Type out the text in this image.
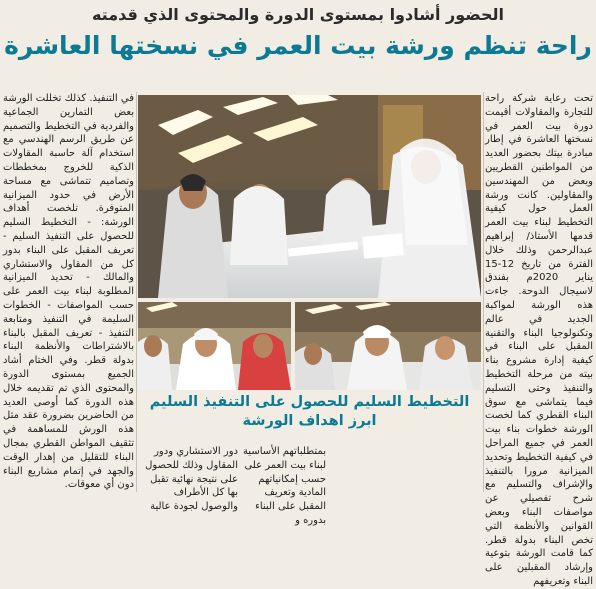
الحضور أشادوا بمستوى الدورة والمحتوى الذي قدمته
راحة تنظم ورشة بيت العمر في نسختها العاشرة

تحت رعاية شركة راحة للتجارة والمقاولات أقيمت دورة بيت العمر في نسختها العاشرة في إطار مبادرة بيتك بحضور العديد من المواطنين القطريين وبعض من المهندسين والمقاولين. كانت ورشة العمل حول كيفية التخطيط لبناء بيت العمر قدمها الأستاذ/ إبراهيم عبدالرحمن وذلك خلال الفترة من تاريخ 12-15 يناير 2020م بفندق لاسيجال الدوحة. جاءت هذه الورشة لمواكبة الجديد في عالم وتكنولوجيا البناء والتقنية المقبل على البناء في كيفية إدارة مشروع بناء بيته من مرحلة التخطيط والتنفيذ وحتى التسليم فيما يتماشى مع سوق البناء القطري كما لخصت الورشة خطوات بناء بيت العمر في جميع المراحل في كيفية التخطيط وتحديد الميزانية مرورا بالتنفيذ والإشراف والتسليم مع شرح تفصيلي عن مواصفات البناء وبعض القوانين والأنظمة التي تخص البناء بدولة قطر. كما قامت الورشة بتوعية وإرشاد المقبلين على البناء وتعريفهم

في التنفيذ. كذلك تخللت الورشة بعض التمارين الجماعية والفردية في التخطيط والتصميم عن طريق الرسم الهندسي مع استخدام آلة حاسبة المقاولات الذكية للخروج بمخططات وتصاميم تتماشى مع مساحة الأرض في حدود الميزانية المتوفرة. تلخصت أهداف الورشة: - التخطيط السليم للحصول على التنفيذ السليم - تعريف المقبل على البناء بدور كل من المقاول والاستشاري والمالك - تحديد الميزانية المطلوبة لبناء بيت العمر على حسب المواصفات - الخطوات السليمة في التنفيذ ومتابعة التنفيذ - تعريف المقبل بالبناء بالاشتراطات والأنظمة البناء بدولة قطر. وفي الختام أشاد الجميع بمستوى الدورة والمحتوى الذي تم تقديمه خلال هذه الدورة كما أوصى العديد من الحاضرين بضرورة عقد مثل هذه الورش للمساهمة في تثقيف المواطن القطري بمجال البناء للتقليل من إهدار الوقت والجهد في إتمام مشاريع البناء دون أي معوقات.

التخطيط السليم للحصول على التنفيذ السليم ابرز اهداف الورشة

بمتطلباتهم الأساسية لبناء بيت العمر على حسب إمكانياتهم المادية وتعريف المقبل على البناء بدوره و

دور الاستشاري ودور المقاول وذلك للحصول على نتيجة نهائية تقبل بها كل الأطراف والوصول لجودة عالية
